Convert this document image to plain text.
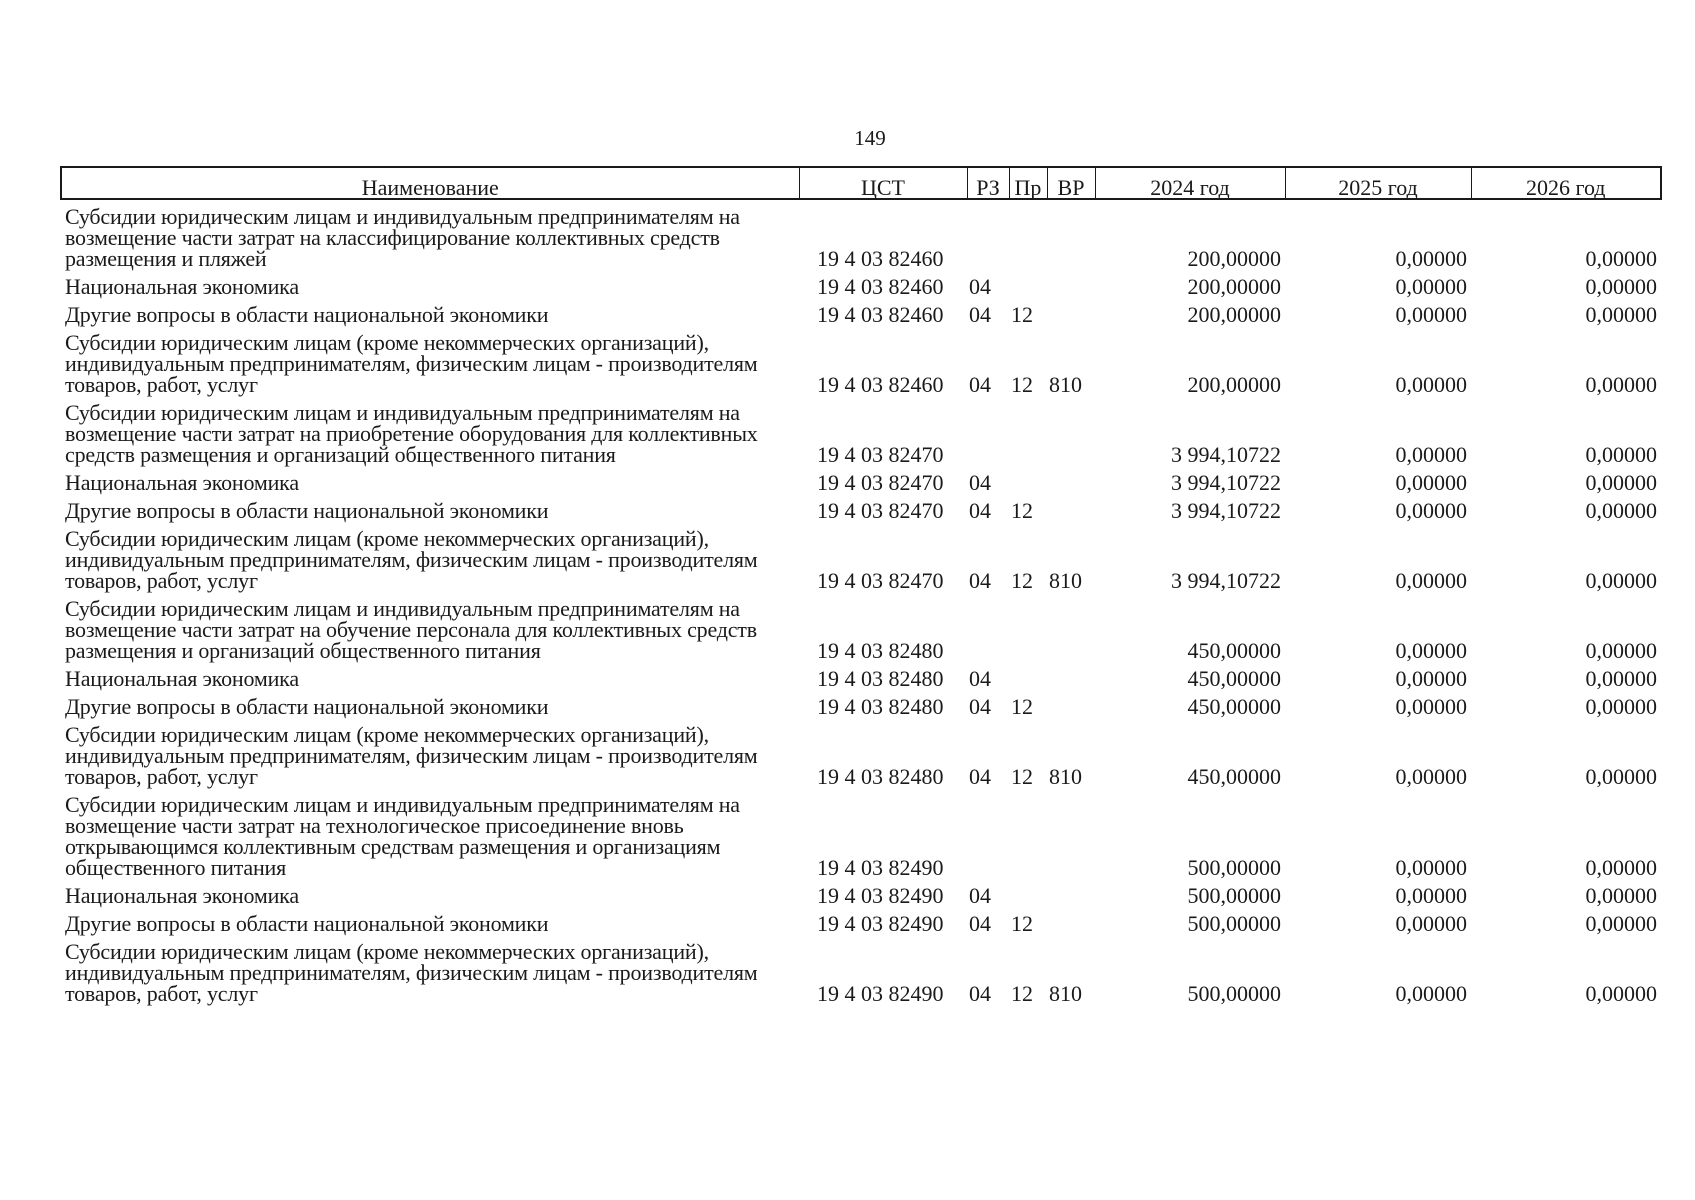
149
Наименование	ЦСТ	РЗ	Пр	ВР	2024 год	2025 год	2026 год
Субсидии юридическим лицам и индивидуальным предпринимателям на возмещение части затрат на классифицирование коллективных средств размещения и пляжей	19 4 03 82460				200,00000	0,00000	0,00000
Национальная экономика	19 4 03 82460	04			200,00000	0,00000	0,00000
Другие вопросы в области национальной экономики	19 4 03 82460	04	12		200,00000	0,00000	0,00000
Субсидии юридическим лицам (кроме некоммерческих организаций), индивидуальным предпринимателям, физическим лицам - производителям товаров, работ, услуг	19 4 03 82460	04	12	810	200,00000	0,00000	0,00000
Субсидии юридическим лицам и индивидуальным предпринимателям на возмещение части затрат на приобретение оборудования для коллективных средств размещения и организаций общественного питания	19 4 03 82470				3 994,10722	0,00000	0,00000
Национальная экономика	19 4 03 82470	04			3 994,10722	0,00000	0,00000
Другие вопросы в области национальной экономики	19 4 03 82470	04	12		3 994,10722	0,00000	0,00000
Субсидии юридическим лицам (кроме некоммерческих организаций), индивидуальным предпринимателям, физическим лицам - производителям товаров, работ, услуг	19 4 03 82470	04	12	810	3 994,10722	0,00000	0,00000
Субсидии юридическим лицам и индивидуальным предпринимателям на возмещение части затрат на обучение персонала для коллективных средств размещения и организаций общественного питания	19 4 03 82480				450,00000	0,00000	0,00000
Национальная экономика	19 4 03 82480	04			450,00000	0,00000	0,00000
Другие вопросы в области национальной экономики	19 4 03 82480	04	12		450,00000	0,00000	0,00000
Субсидии юридическим лицам (кроме некоммерческих организаций), индивидуальным предпринимателям, физическим лицам - производителям товаров, работ, услуг	19 4 03 82480	04	12	810	450,00000	0,00000	0,00000
Субсидии юридическим лицам и индивидуальным предпринимателям на возмещение части затрат на технологическое присоединение вновь открывающимся коллективным средствам размещения и организациям общественного питания	19 4 03 82490				500,00000	0,00000	0,00000
Национальная экономика	19 4 03 82490	04			500,00000	0,00000	0,00000
Другие вопросы в области национальной экономики	19 4 03 82490	04	12		500,00000	0,00000	0,00000
Субсидии юридическим лицам (кроме некоммерческих организаций), индивидуальным предпринимателям, физическим лицам - производителям товаров, работ, услуг	19 4 03 82490	04	12	810	500,00000	0,00000	0,00000
